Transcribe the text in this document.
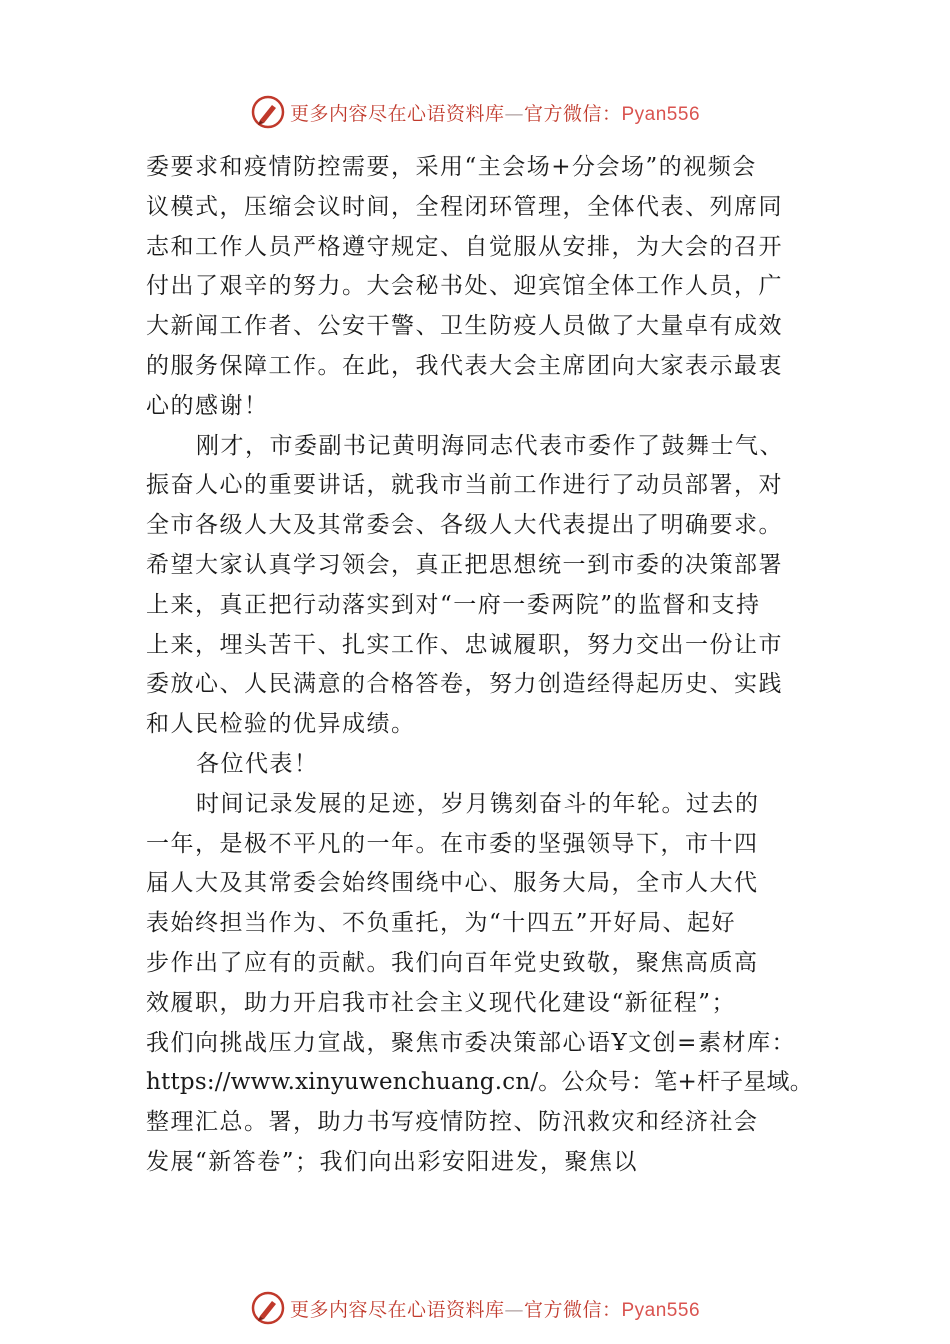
更多内容尽在心语资料库—官方微信：Pyan556
委要求和疫情防控需要，采用“主会场+分会场”的视频会
议模式，压缩会议时间，全程闭环管理，全体代表、列席同
志和工作人员严格遵守规定、自觉服从安排，为大会的召开
付出了艰辛的努力。大会秘书处、迎宾馆全体工作人员，广
大新闻工作者、公安干警、卫生防疫人员做了大量卓有成效
的服务保障工作。在此，我代表大会主席团向大家表示最衷
心的感谢！
刚才，市委副书记黄明海同志代表市委作了鼓舞士气、
振奋人心的重要讲话，就我市当前工作进行了动员部署，对
全市各级人大及其常委会、各级人大代表提出了明确要求。
希望大家认真学习领会，真正把思想统一到市委的决策部署
上来，真正把行动落实到对“一府一委两院”的监督和支持
上来，埋头苦干、扎实工作、忠诚履职，努力交出一份让市
委放心、人民满意的合格答卷，努力创造经得起历史、实践
和人民检验的优异成绩。
各位代表！
时间记录发展的足迹，岁月镌刻奋斗的年轮。过去的
一年，是极不平凡的一年。在市委的坚强领导下，市十四
届人大及其常委会始终围绕中心、服务大局，全市人大代
表始终担当作为、不负重托，为“十四五”开好局、起好
步作出了应有的贡献。我们向百年党史致敬，聚焦高质高
效履职，助力开启我市社会主义现代化建设“新征程”；
我们向挑战压力宣战，聚焦市委决策部心语Ұ文创=素材库：
https://www.xinyuwenchuang.cn/。公众号：笔+杆子星域。
整理汇总。署，助力书写疫情防控、防汛救灾和经济社会
发展“新答卷”；我们向出彩安阳进发，聚焦以
更多内容尽在心语资料库—官方微信：Pyan556
